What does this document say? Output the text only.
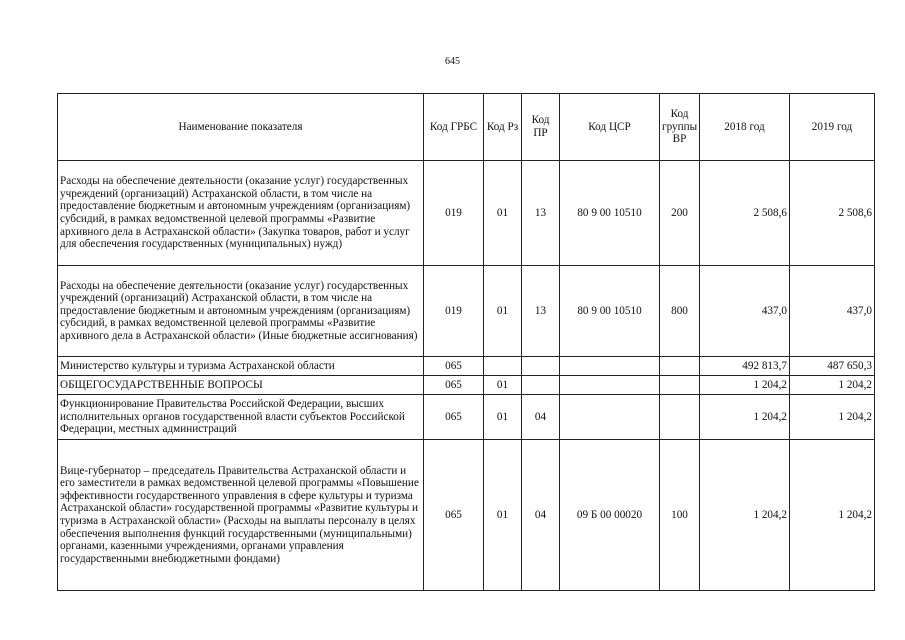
645
Наименование показателя	Код ГРБС	Код Рз	Код ПР	Код ЦСР	Код группы ВР	2018 год	2019 год
Расходы на обеспечение деятельности (оказание услуг) государственных учреждений (организаций) Астраханской области, в том числе на предоставление бюджетным и автономным учреждениям (организациям) субсидий, в рамках ведомственной целевой программы «Развитие архивного дела в Астраханской области» (Закупка товаров, работ и услуг для обеспечения государственных (муниципальных) нужд)	019	01	13	80 9 00 10510	200	2 508,6	2 508,6
Расходы на обеспечение деятельности (оказание услуг) государственных учреждений (организаций) Астраханской области, в том числе на предоставление бюджетным и автономным учреждениям (организациям) субсидий, в рамках ведомственной целевой программы «Развитие архивного дела в Астраханской области» (Иные бюджетные ассигнования)	019	01	13	80 9 00 10510	800	437,0	437,0
Министерство культуры и туризма Астраханской области	065					492 813,7	487 650,3
ОБЩЕГОСУДАРСТВЕННЫЕ ВОПРОСЫ	065	01				1 204,2	1 204,2
Функционирование Правительства Российской Федерации, высших исполнительных органов государственной власти субъектов Российской Федерации, местных администраций	065	01	04			1 204,2	1 204,2
Вице-губернатор – председатель Правительства Астраханской области и его заместители в рамках ведомственной целевой программы «Повышение эффективности государственного управления в сфере культуры и туризма Астраханской области» государственной программы «Развитие культуры и туризма в Астраханской области» (Расходы на выплаты персоналу в целях обеспечения выполнения функций государственными (муниципальными) органами, казенными учреждениями, органами управления государственными внебюджетными фондами)	065	01	04	09 Б 00 00020	100	1 204,2	1 204,2
